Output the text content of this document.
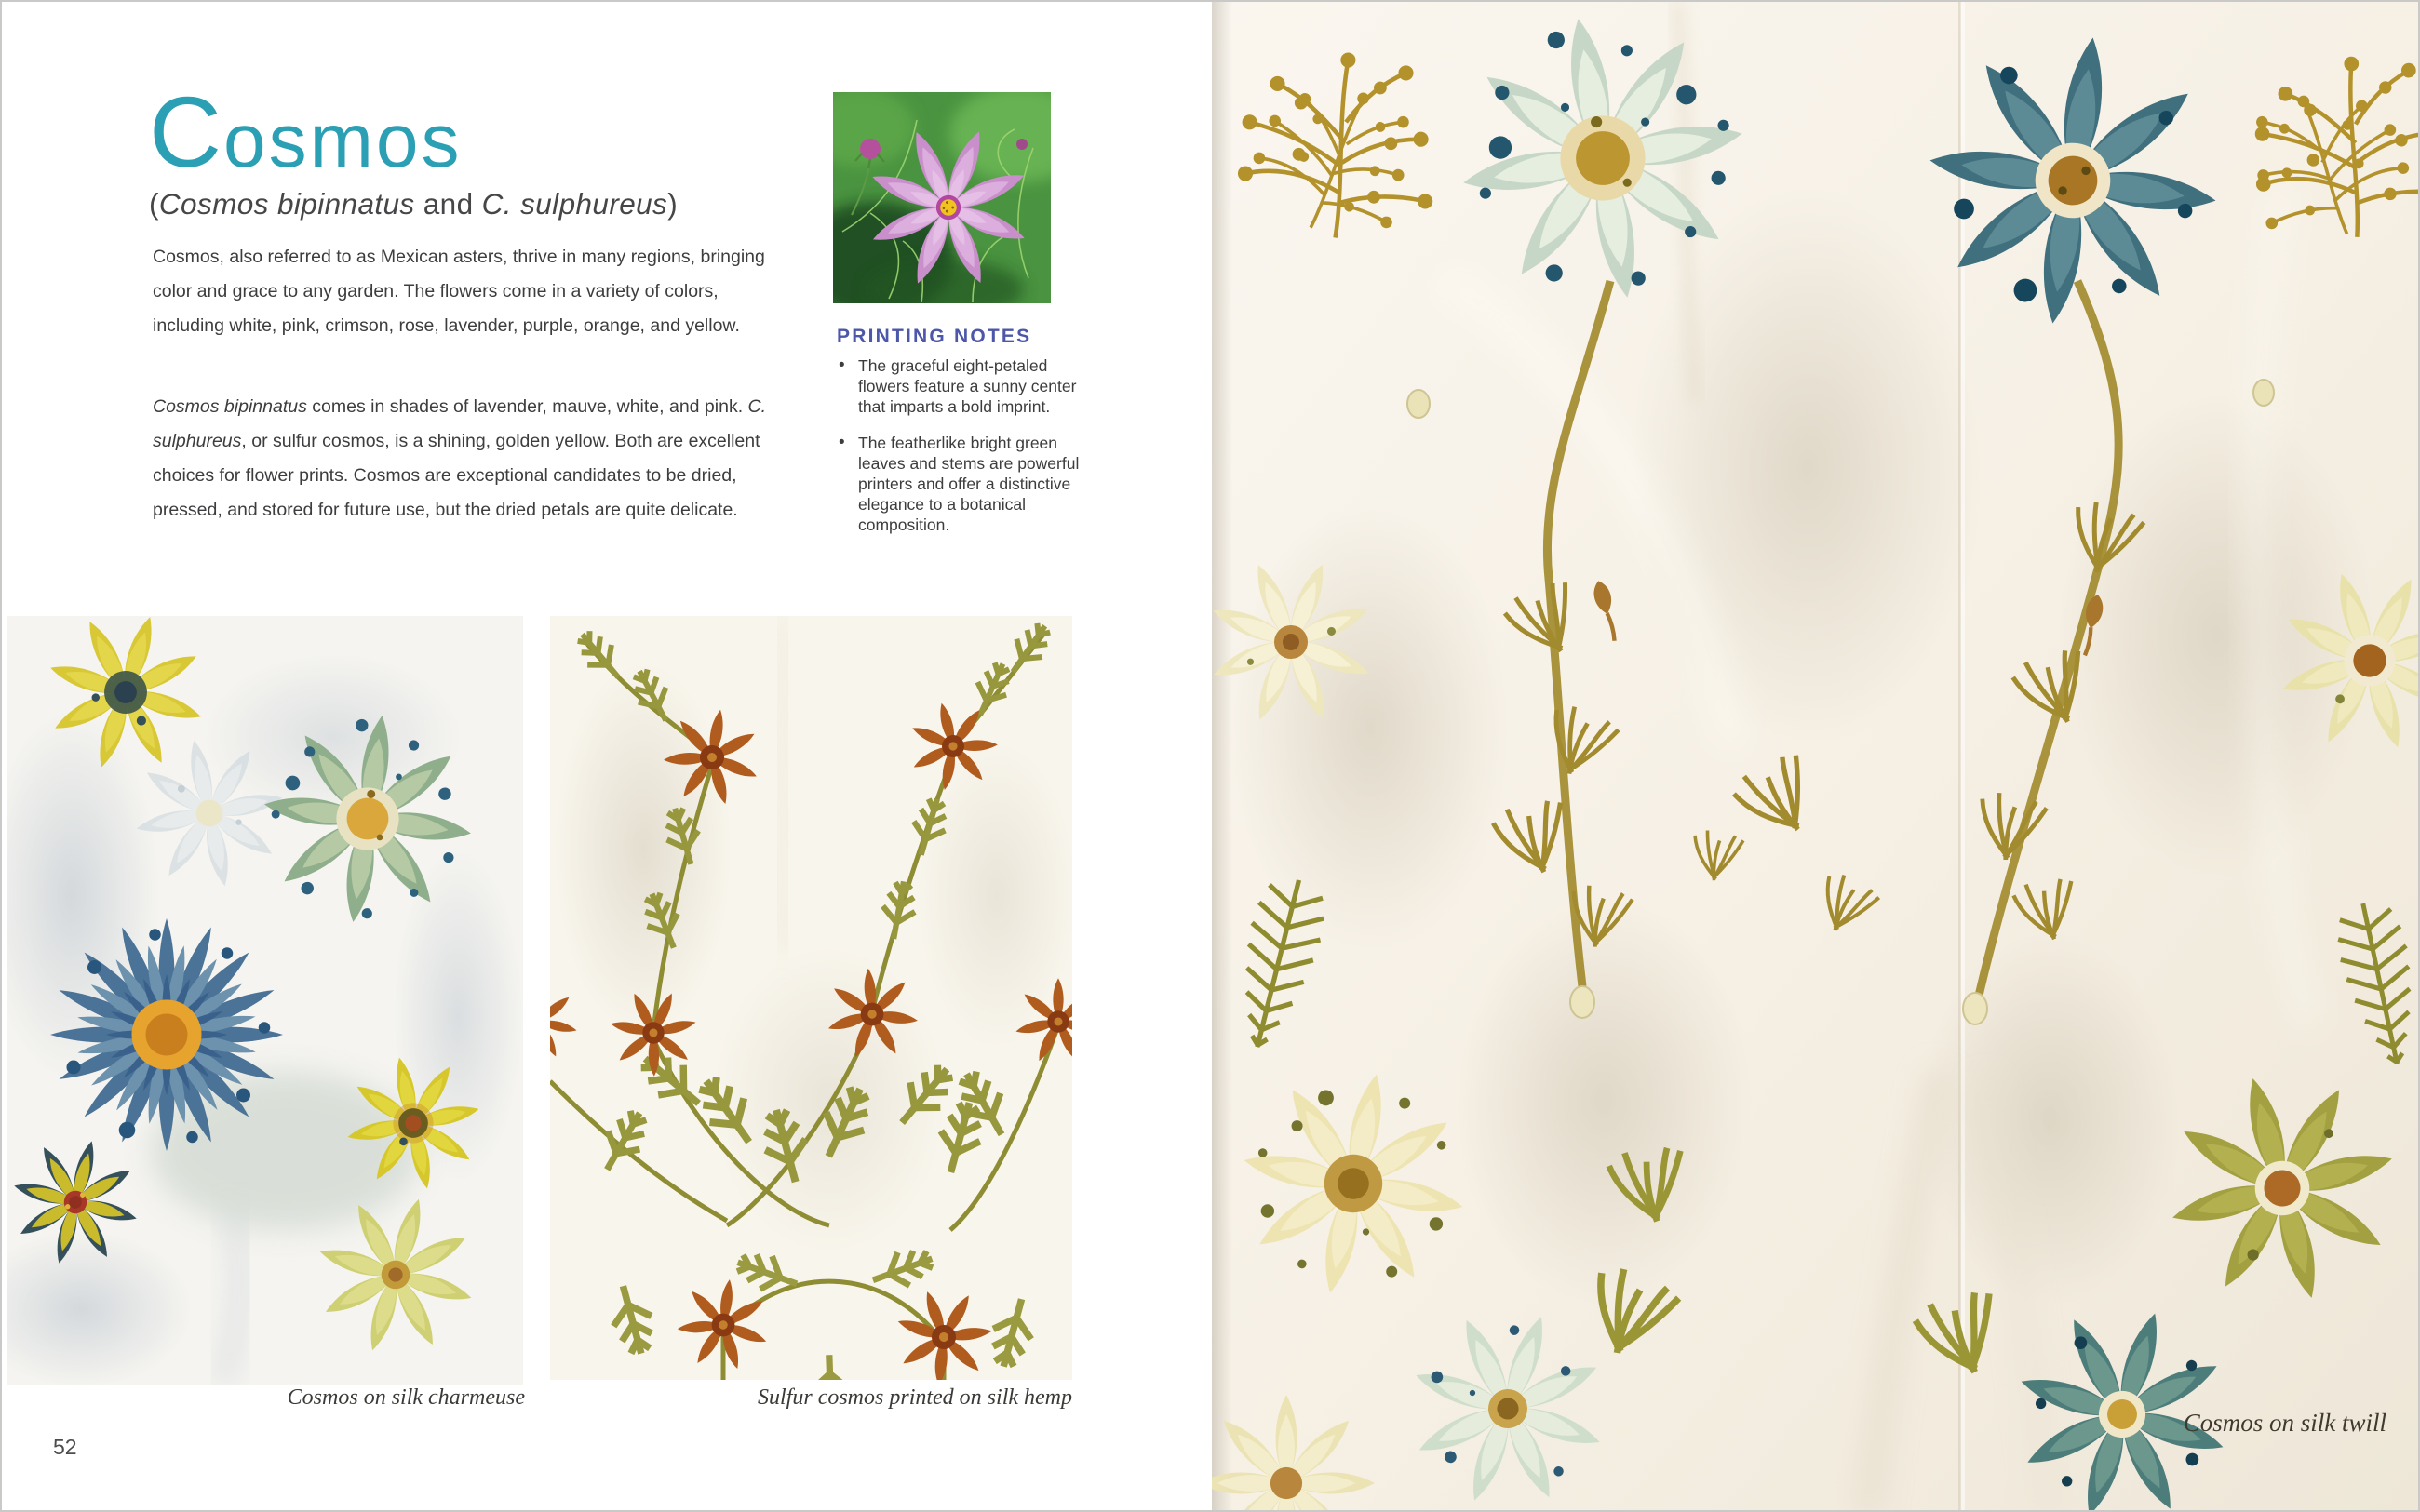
Cosmos
(Cosmos bipinnatus and C. sulphureus)
Cosmos, also referred to as Mexican asters, thrive in many regions, bringing color and grace to any garden. The flowers come in a variety of colors, including white, pink, crimson, rose, lavender, purple, orange, and yellow.
Cosmos bipinnatus comes in shades of lavender, mauve, white, and pink. C. sulphureus, or sulfur cosmos, is a shining, golden yellow. Both are excellent choices for flower prints. Cosmos are exceptional candidates to be dried, pressed, and stored for future use, but the dried petals are quite delicate.
PRINTING NOTES
• The graceful eight-petaled flowers feature a sunny center that imparts a bold imprint.
• The featherlike bright green leaves and stems are powerful printers and offer a distinctive elegance to a botanical composition.
Cosmos on silk charmeuse	Sulfur cosmos printed on silk hemp
52
Cosmos on silk twill
